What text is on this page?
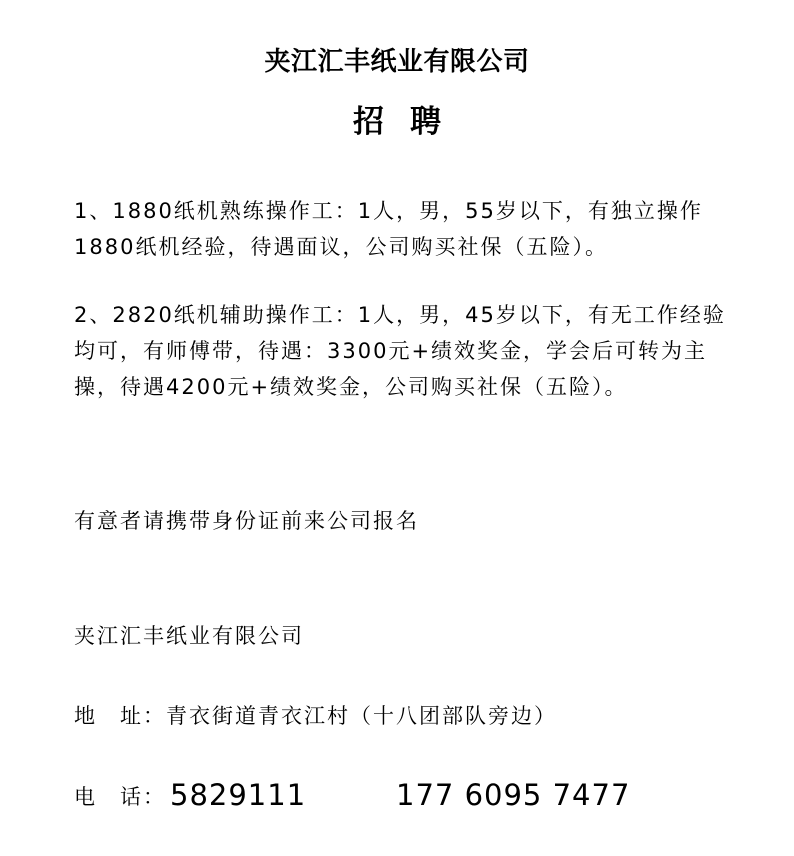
夹江汇丰纸业有限公司
招聘

1、1880纸机熟练操作工：1人，男，55岁以下，有独立操作1880纸机经验，待遇面议，公司购买社保（五险）。

2、2820纸机辅助操作工：1人，男，45岁以下，有无工作经验均可，有师傅带，待遇：3300元+绩效奖金，学会后可转为主操，待遇4200元+绩效奖金，公司购买社保（五险）。

有意者请携带身份证前来公司报名
夹江汇丰纸业有限公司
地　址：青衣街道青衣江村（十八团部队旁边）
电　话： 5829111	177 6095 7477
